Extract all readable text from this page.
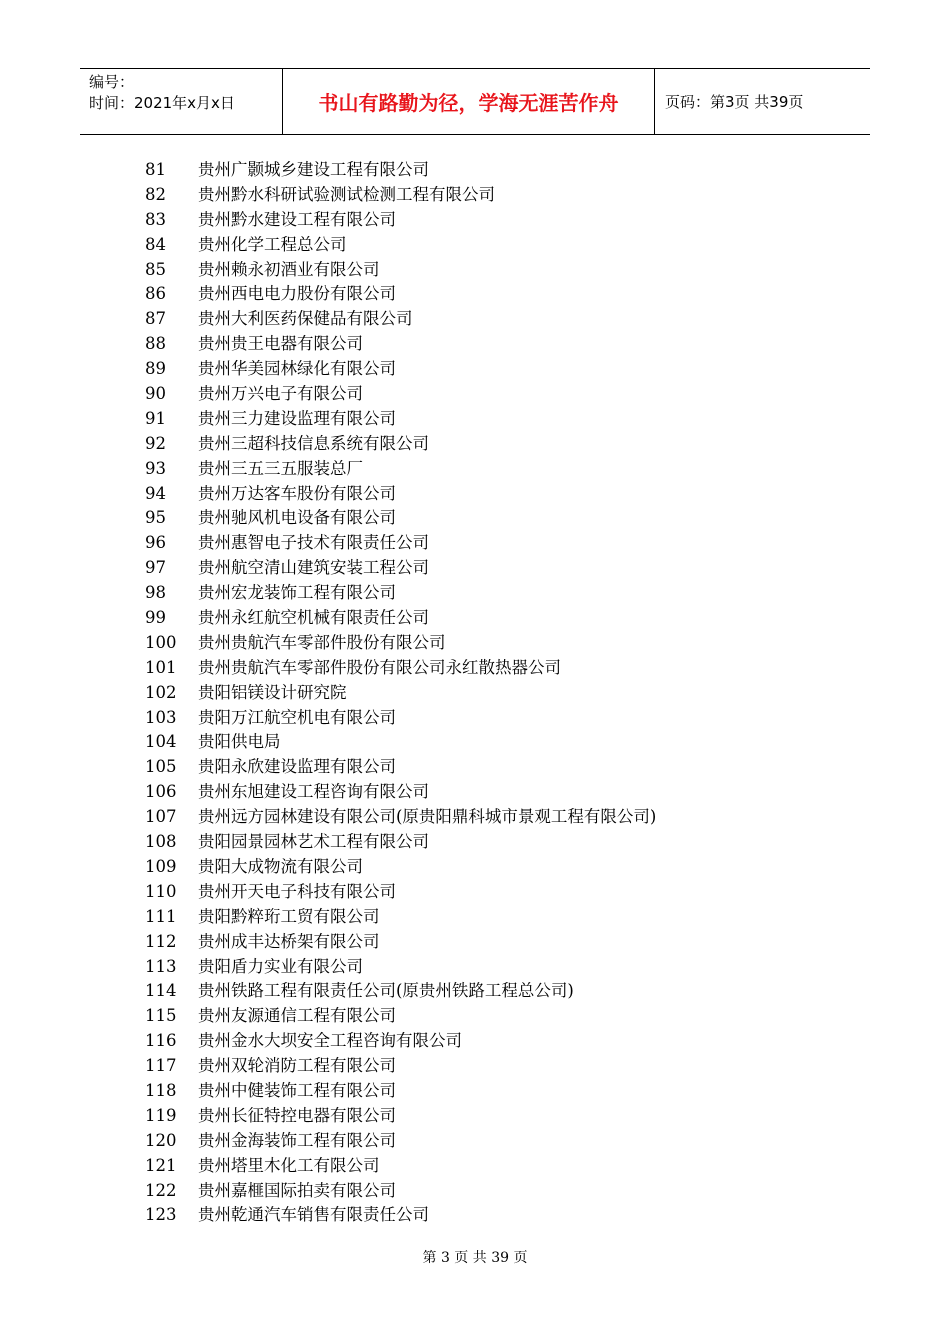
编号：
时间：2021年x月x日	书山有路勤为径，学海无涯苦作舟	页码：第3页 共39页
81 贵州广颢城乡建设工程有限公司
82 贵州黔水科研试验测试检测工程有限公司
83 贵州黔水建设工程有限公司
84 贵州化学工程总公司
85 贵州赖永初酒业有限公司
86 贵州西电电力股份有限公司
87 贵州大利医药保健品有限公司
88 贵州贵王电器有限公司
89 贵州华美园林绿化有限公司
90 贵州万兴电子有限公司
91 贵州三力建设监理有限公司
92 贵州三超科技信息系统有限公司
93 贵州三五三五服装总厂
94 贵州万达客车股份有限公司
95 贵州驰风机电设备有限公司
96 贵州惠智电子技术有限责任公司
97 贵州航空清山建筑安装工程公司
98 贵州宏龙装饰工程有限公司
99 贵州永红航空机械有限责任公司
100 贵州贵航汽车零部件股份有限公司
101 贵州贵航汽车零部件股份有限公司永红散热器公司
102 贵阳铝镁设计研究院
103 贵阳万江航空机电有限公司
104 贵阳供电局
105 贵阳永欣建设监理有限公司
106 贵州东旭建设工程咨询有限公司
107 贵州远方园林建设有限公司(原贵阳鼎科城市景观工程有限公司)
108 贵阳园景园林艺术工程有限公司
109 贵阳大成物流有限公司
110 贵州开天电子科技有限公司
111 贵阳黔粹珩工贸有限公司
112 贵州成丰达桥架有限公司
113 贵阳盾力实业有限公司
114 贵州铁路工程有限责任公司(原贵州铁路工程总公司)
115 贵州友源通信工程有限公司
116 贵州金水大坝安全工程咨询有限公司
117 贵州双轮消防工程有限公司
118 贵州中健装饰工程有限公司
119 贵州长征特控电器有限公司
120 贵州金海装饰工程有限公司
121 贵州塔里木化工有限公司
122 贵州嘉榧国际拍卖有限公司
123 贵州乾通汽车销售有限责任公司
第 3 页 共 39 页
